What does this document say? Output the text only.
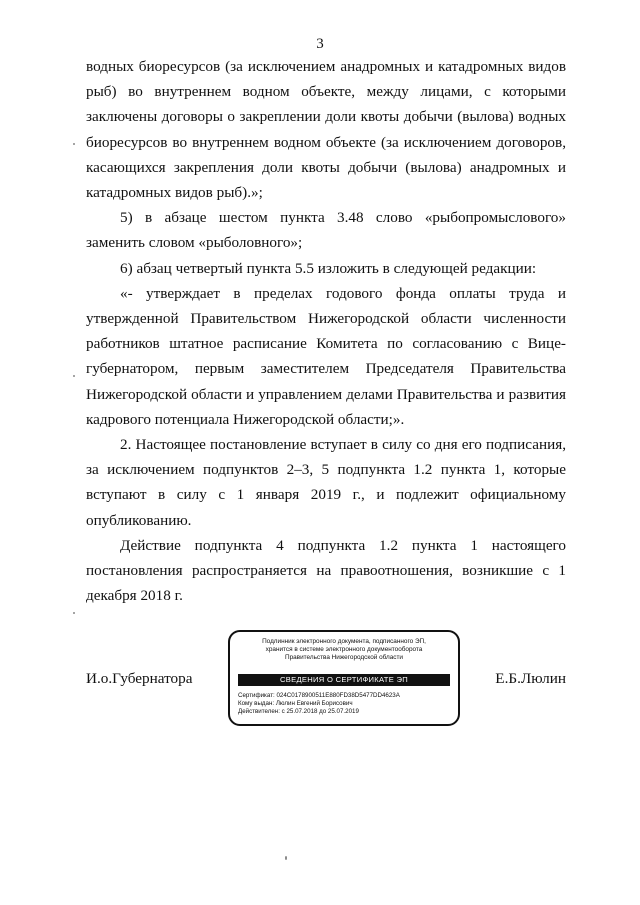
3

водных биоресурсов (за исключением анадромных и катадромных видов рыб) во внутреннем водном объекте, между лицами, с которыми заключены договоры о закреплении доли квоты добычи (вылова) водных биоресурсов во внутреннем водном объекте (за исключением договоров, касающихся закрепления доли квоты добычи (вылова) анадромных и катадромных видов рыб).»;

5) в абзаце шестом пункта 3.48 слово «рыбопромыслового» заменить словом «рыболовного»;

6) абзац четвертый пункта 5.5 изложить в следующей редакции:

«- утверждает в пределах годового фонда оплаты труда и утвержденной Правительством Нижегородской области численности работников штатное расписание Комитета по согласованию с Вице-губернатором, первым заместителем Председателя Правительства Нижегородской области и управлением делами Правительства и развития кадрового потенциала Нижегородской области;».

2. Настоящее постановление вступает в силу со дня его подписания, за исключением подпунктов 2–3, 5 подпункта 1.2 пункта 1, которые вступают в силу с 1 января 2019 г., и подлежит официальному опубликованию.

Действие подпункта 4 подпункта 1.2 пункта 1 настоящего постановления распространяется на правоотношения, возникшие с 1 декабря 2018 г.

И.о.Губернатора	Е.Б.Люлин
Подлинник электронного документа, подписанного ЭП,
хранится в системе электронного документооборота
Правительства Нижегородской области
СВЕДЕНИЯ О СЕРТИФИКАТЕ ЭП
Сертификат: 024C0178900511E880FD38D5477DD4623A
Кому выдан: Люлин Евгений Борисович
Действителен: с 25.07.2018 до 25.07.2019
